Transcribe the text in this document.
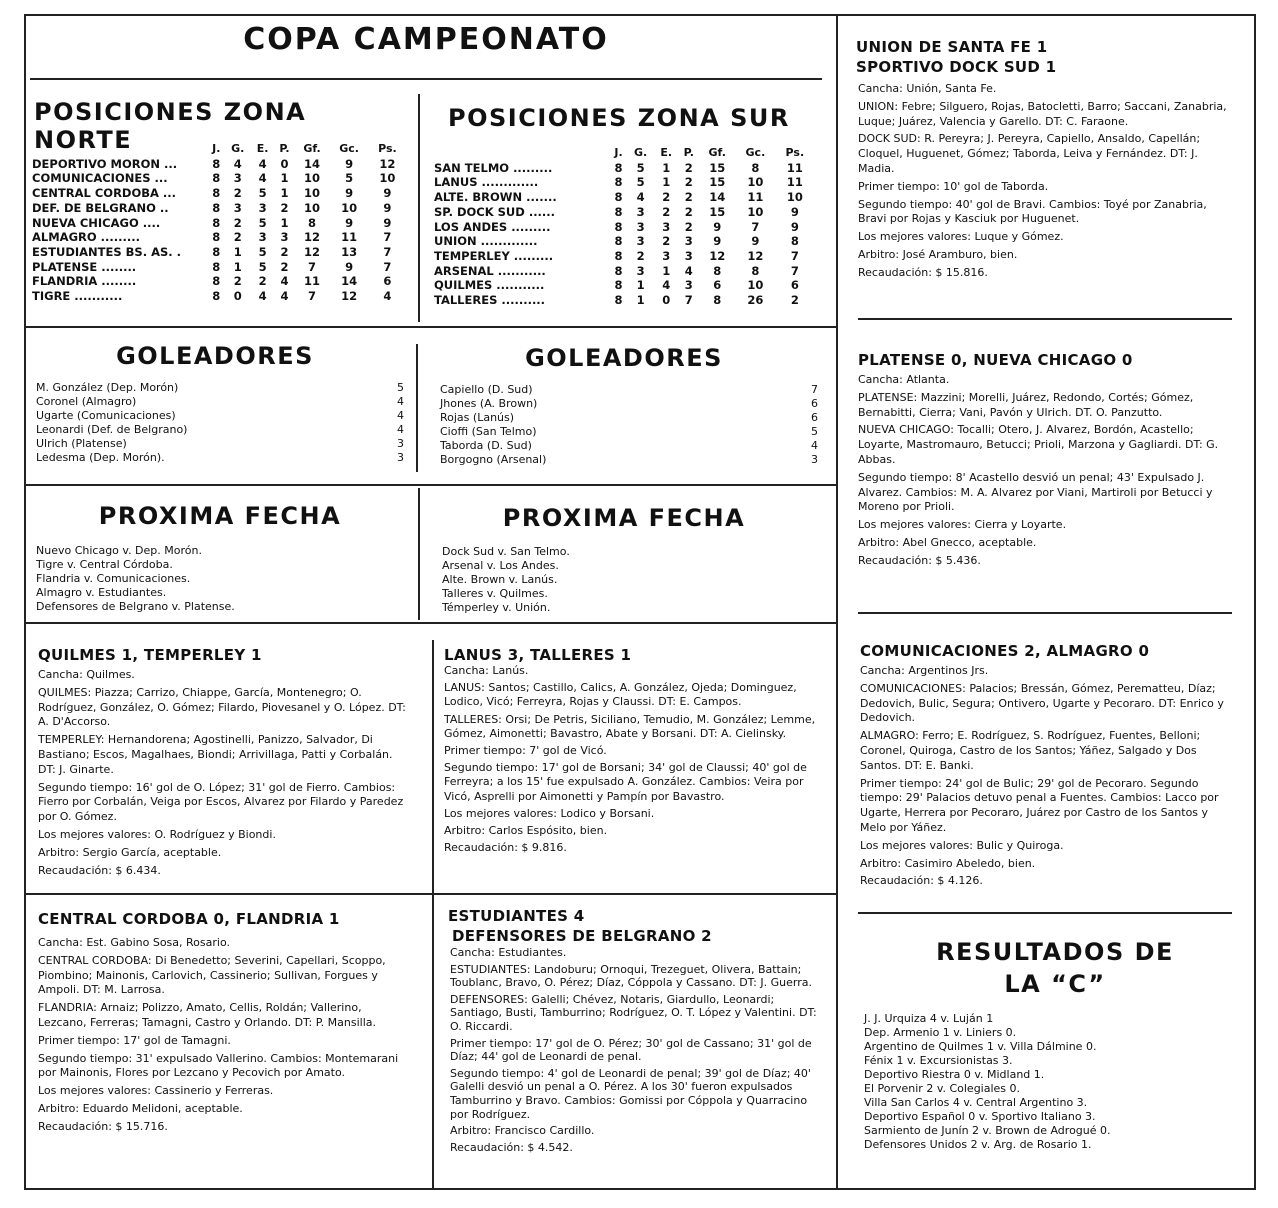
COPA CAMPEONATO
POSICIONES ZONA NORTE
		J.	G.	E.	P.	Gf.	Gc.	Ps.
DEPORTIVO MORON ...	8	4	4	0	14	9	12
COMUNICACIONES ...	8	3	4	1	10	5	10
CENTRAL CORDOBA ...	8	2	5	1	10	9	9
DEF. DE BELGRANO ..	8	3	3	2	10	10	9
NUEVA CHICAGO ....	8	2	5	1	8	9	9
ALMAGRO .........	8	2	3	3	12	11	7
ESTUDIANTES BS. AS. .	8	1	5	2	12	13	7
PLATENSE ........	8	1	5	2	7	9	7
FLANDRIA ........	8	2	2	4	11	14	6
TIGRE ...........	8	0	4	4	7	12	4
POSICIONES ZONA SUR
	J.	G.	E.	P.	Gf.	Gc.	Ps.
SAN TELMO .........	8	5	1	2	15	8	11
LANUS .............	8	5	1	2	15	10	11
ALTE. BROWN .......	8	4	2	2	14	11	10
SP. DOCK SUD ......	8	3	2	2	15	10	9
LOS ANDES .........	8	3	3	2	9	7	9
UNION .............	8	3	2	3	9	9	8
TEMPERLEY .........	8	2	3	3	12	12	7
ARSENAL ...........	8	3	1	4	8	8	7
QUILMES ...........	8	1	4	3	6	10	6
TALLERES ..........	8	1	0	7	8	26	2
GOLEADORES
M. González (Dep. Morón)	5
Coronel (Almagro)	4
Ugarte (Comunicaciones)	4
Leonardi (Def. de Belgrano)	4
Ulrich (Platense)	3
Ledesma (Dep. Morón).	3
GOLEADORES
Capiello (D. Sud)	7
Jhones (A. Brown)	6
Rojas (Lanús)	6
Cioffi (San Telmo)	5
Taborda (D. Sud)	4
Borgogno (Arsenal)	3
PROXIMA FECHA
Nuevo Chicago v. Dep. Morón.
Tigre v. Central Córdoba.
Flandria v. Comunicaciones.
Almagro v. Estudiantes.
Defensores de Belgrano v. Platense.
PROXIMA FECHA
Dock Sud v. San Telmo.
Arsenal v. Los Andes.
Alte. Brown v. Lanús.
Talleres v. Quilmes.
Témperley v. Unión.
QUILMES 1, TEMPERLEY 1

Cancha: Quilmes.

QUILMES: Piazza; Carrizo, Chiappe, García, Montenegro; O. Rodríguez, González, O. Gómez; Filardo, Piovesanel y O. López. DT: A. D'Accorso.

TEMPERLEY: Hernandorena; Agostinelli, Panizzo, Salvador, Di Bastiano; Escos, Magalhaes, Biondi; Arrivillaga, Patti y Corbalán. DT: J. Ginarte.

Segundo tiempo: 16' gol de O. López; 31' gol de Fierro. Cambios: Fierro por Corbalán, Veiga por Escos, Alvarez por Filardo y Paredez por O. Gómez.

Los mejores valores: O. Rodríguez y Biondi.

Arbitro: Sergio García, aceptable.

Recaudación: $ 6.434.

LANUS 3, TALLERES 1

Cancha: Lanús.

LANUS: Santos; Castillo, Calics, A. González, Ojeda; Dominguez, Lodico, Vicó; Ferreyra, Rojas y Claussi. DT: E. Campos.

TALLERES: Orsi; De Petris, Siciliano, Temudio, M. González; Lemme, Gómez, Aimonetti; Bavastro, Abate y Borsani. DT: A. Cielinsky.

Primer tiempo: 7' gol de Vicó.

Segundo tiempo: 17' gol de Borsani; 34' gol de Claussi; 40' gol de Ferreyra; a los 15' fue expulsado A. González. Cambios: Veira por Vicó, Asprelli por Aimonetti y Pampín por Bavastro.

Los mejores valores: Lodico y Borsani.

Arbitro: Carlos Espósito, bien.

Recaudación: $ 9.816.

CENTRAL CORDOBA 0, FLANDRIA 1

Cancha: Est. Gabino Sosa, Rosario.

CENTRAL CORDOBA: Di Benedetto; Severini, Capellari, Scoppo, Piombino; Mainonis, Carlovich, Cassinerio; Sullivan, Forgues y Ampoli. DT: M. Larrosa.

FLANDRIA: Arnaiz; Polizzo, Amato, Cellis, Roldán; Vallerino, Lezcano, Ferreras; Tamagni, Castro y Orlando. DT: P. Mansilla.

Primer tiempo: 17' gol de Tamagni.

Segundo tiempo: 31' expulsado Vallerino. Cambios: Montemarani por Mainonis, Flores por Lezcano y Pecovich por Amato.

Los mejores valores: Cassinerio y Ferreras.

Arbitro: Eduardo Melidoni, aceptable.

Recaudación: $ 15.716.

ESTUDIANTES 4
DEFENSORES DE BELGRANO 2

Cancha: Estudiantes.

ESTUDIANTES: Landoburu; Ornoqui, Trezeguet, Olivera, Battain; Toublanc, Bravo, O. Pérez; Díaz, Cóppola y Cassano. DT: J. Guerra.

DEFENSORES: Galelli; Chévez, Notaris, Giardullo, Leonardi; Santiago, Busti, Tamburrino; Rodríguez, O. T. López y Valentini. DT: O. Riccardi.

Primer tiempo: 17' gol de O. Pérez; 30' gol de Cassano; 31' gol de Díaz; 44' gol de Leonardi de penal.

Segundo tiempo: 4' gol de Leonardi de penal; 39' gol de Díaz; 40' Galelli desvió un penal a O. Pérez. A los 30' fueron expulsados Tamburrino y Bravo. Cambios: Gomissi por Cóppola y Quarracino por Rodríguez.

Arbitro: Francisco Cardillo.

Recaudación: $ 4.542.

UNION DE SANTA FE 1
SPORTIVO DOCK SUD 1

Cancha: Unión, Santa Fe.

UNION: Febre; Silguero, Rojas, Batocletti, Barro; Saccani, Zanabria, Luque; Juárez, Valencia y Garello. DT: C. Faraone.

DOCK SUD: R. Pereyra; J. Pereyra, Capiello, Ansaldo, Capellán; Cloquel, Huguenet, Gómez; Taborda, Leiva y Fernández. DT: J. Madia.

Primer tiempo: 10' gol de Taborda.

Segundo tiempo: 40' gol de Bravi. Cambios: Toyé por Zanabria, Bravi por Rojas y Kasciuk por Huguenet.

Los mejores valores: Luque y Gómez.

Arbitro: José Aramburo, bien.

Recaudación: $ 15.816.

PLATENSE 0, NUEVA CHICAGO 0

Cancha: Atlanta.

PLATENSE: Mazzini; Morelli, Juárez, Redondo, Cortés; Gómez, Bernabitti, Cierra; Vani, Pavón y Ulrich. DT. O. Panzutto.

NUEVA CHICAGO: Tocalli; Otero, J. Alvarez, Bordón, Acastello; Loyarte, Mastromauro, Betucci; Prioli, Marzona y Gagliardi. DT: G. Abbas.

Segundo tiempo: 8' Acastello desvió un penal; 43' Expulsado J. Alvarez. Cambios: M. A. Alvarez por Viani, Martiroli por Betucci y Moreno por Prioli.

Los mejores valores: Cierra y Loyarte.

Arbitro: Abel Gnecco, aceptable.

Recaudación: $ 5.436.

COMUNICACIONES 2, ALMAGRO 0

Cancha: Argentinos Jrs.

COMUNICACIONES: Palacios; Bressán, Gómez, Perematteu, Díaz; Dedovich, Bulic, Segura; Ontivero, Ugarte y Pecoraro. DT: Enrico y Dedovich.

ALMAGRO: Ferro; E. Rodríguez, S. Rodríguez, Fuentes, Belloni; Coronel, Quiroga, Castro de los Santos; Yáñez, Salgado y Dos Santos. DT: E. Banki.

Primer tiempo: 24' gol de Bulic; 29' gol de Pecoraro. Segundo tiempo: 29' Palacios detuvo penal a Fuentes. Cambios: Lacco por Ugarte, Herrera por Pecoraro, Juárez por Castro de los Santos y Melo por Yáñez.

Los mejores valores: Bulic y Quiroga.

Arbitro: Casimiro Abeledo, bien.

Recaudación: $ 4.126.

RESULTADOS DE
LA “C”
J. J. Urquiza 4 v. Luján 1
Dep. Armenio 1 v. Liniers 0.
Argentino de Quilmes 1 v. Villa Dálmine 0.
Fénix 1 v. Excursionistas 3.
Deportivo Riestra 0 v. Midland 1.
El Porvenir 2 v. Colegiales 0.
Villa San Carlos 4 v. Central Argentino 3.
Deportivo Español 0 v. Sportivo Italiano 3.
Sarmiento de Junín 2 v. Brown de Adrogué 0.
Defensores Unidos 2 v. Arg. de Rosario 1.
